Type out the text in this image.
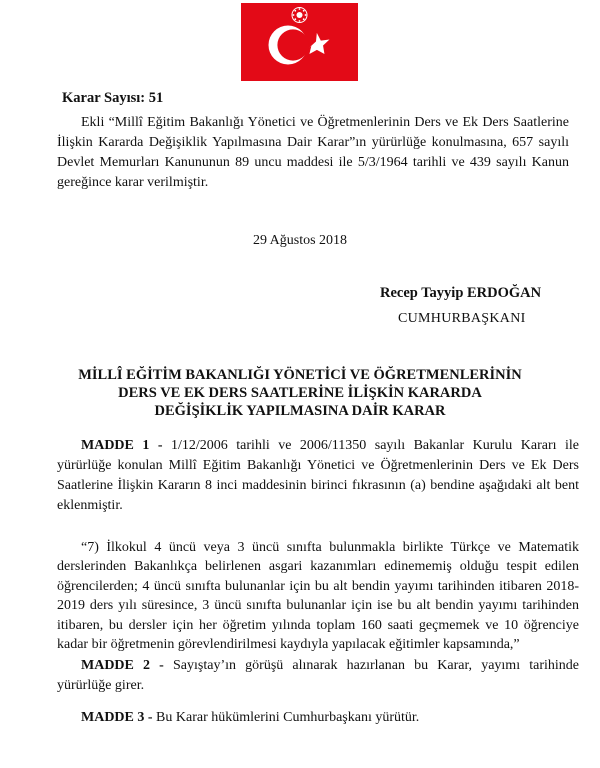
Karar Sayısı: 51

Ekli “Millî Eğitim Bakanlığı Yönetici ve Öğretmenlerinin Ders ve Ek Ders Saatlerine İlişkin Kararda Değişiklik Yapılmasına Dair Karar”ın yürürlüğe konulmasına, 657 sayılı Devlet Memurları Kanununun 89 uncu maddesi ile 5/3/1964 tarihli ve 439 sayılı Kanun gereğince karar verilmiştir.

29 Ağustos 2018
Recep Tayyip ERDOĞAN
CUMHURBAŞKANI
MİLLÎ EĞİTİM BAKANLIĞI YÖNETİCİ VE ÖĞRETMENLERİNİN
DERS VE EK DERS SAATLERİNE İLİŞKİN KARARDA
DEĞİŞİKLİK YAPILMASINA DAİR KARAR

MADDE 1 - 1/12/2006 tarihli ve 2006/11350 sayılı Bakanlar Kurulu Kararı ile yürürlüğe konulan Millî Eğitim Bakanlığı Yönetici ve Öğretmenlerinin Ders ve Ek Ders Saatlerine İlişkin Kararın 8 inci maddesinin birinci fıkrasının (a) bendine aşağıdaki alt bent eklenmiştir.

“7) İlkokul 4 üncü veya 3 üncü sınıfta bulunmakla birlikte Türkçe ve Matematik derslerinden Bakanlıkça belirlenen asgari kazanımları edinememiş olduğu tespit edilen öğrencilerden; 4 üncü sınıfta bulunanlar için bu alt bendin yayımı tarihinden itibaren 2018-2019 ders yılı süresince, 3 üncü sınıfta bulunanlar için ise bu alt bendin yayımı tarihinden itibaren, bu dersler için her öğretim yılında toplam 160 saati geçmemek ve 10 öğrenciye kadar bir öğretmenin görevlendirilmesi kaydıyla yapılacak eğitimler kapsamında,”

MADDE 2 - Sayıştay’ın görüşü alınarak hazırlanan bu Karar, yayımı tarihinde yürürlüğe girer.

MADDE 3 - Bu Karar hükümlerini Cumhurbaşkanı yürütür.
